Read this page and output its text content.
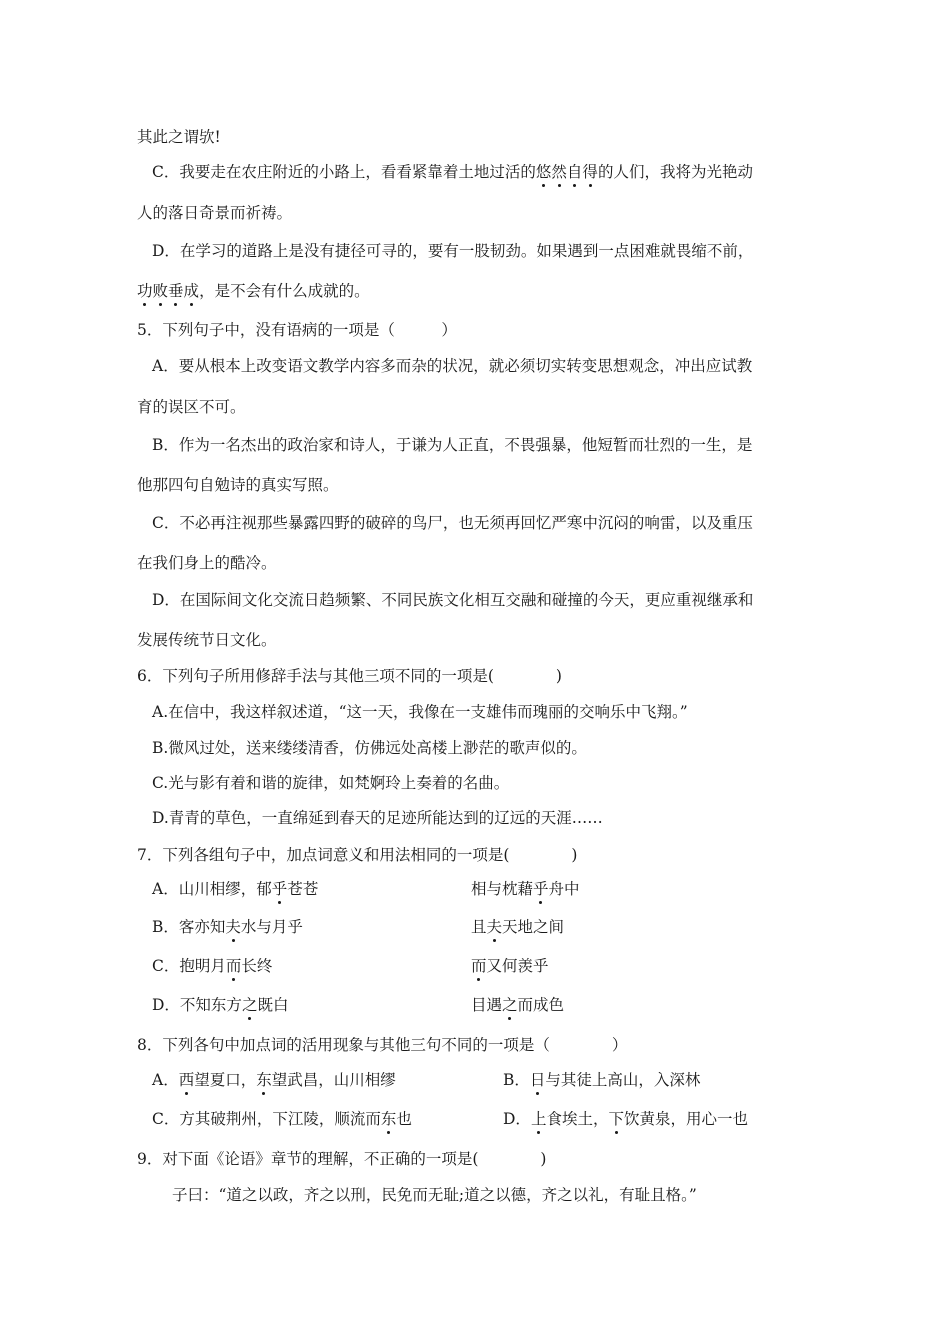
其此之谓欤!
C．我要走在农庄附近的小路上，看看紧靠着土地过活的悠然自得的人们，我将为光艳动
人的落日奇景而祈祷。
D．在学习的道路上是没有捷径可寻的，要有一股韧劲。如果遇到一点困难就畏缩不前，
功败垂成，是不会有什么成就的。
5．下列句子中，没有语病的一项是（　　　）
A．要从根本上改变语文教学内容多而杂的状况，就必须切实转变思想观念，冲出应试教
育的误区不可。
B．作为一名杰出的政治家和诗人，于谦为人正直，不畏强暴，他短暂而壮烈的一生，是
他那四句自勉诗的真实写照。
C．不必再注视那些暴露四野的破碎的鸟尸，也无须再回忆严寒中沉闷的响雷，以及重压
在我们身上的酷冷。
D．在国际间文化交流日趋频繁、不同民族文化相互交融和碰撞的今天，更应重视继承和
发展传统节日文化。
6．下列句子所用修辞手法与其他三项不同的一项是(　　　　)
A.在信中，我这样叙述道，“这一天，我像在一支雄伟而瑰丽的交响乐中飞翔。”
B.微风过处，送来缕缕清香，仿佛远处高楼上渺茫的歌声似的。
C.光与影有着和谐的旋律，如梵婀玲上奏着的名曲。
D.青青的草色，一直绵延到春天的足迹所能达到的辽远的天涯……
7．下列各组句子中，加点词意义和用法相同的一项是(　　　　)
A．山川相缪，郁乎苍苍	相与枕藉乎舟中
B．客亦知夫水与月乎	且夫天地之间
C．抱明月而长终	而又何羡乎
D．不知东方之既白	目遇之而成色
8．下列各句中加点词的活用现象与其他三句不同的一项是（　　　　）
A．西望夏口，东望武昌，山川相缪	B．日与其徒上高山，入深林
C．方其破荆州，下江陵，顺流而东也	D．上食埃土，下饮黄泉，用心一也
9．对下面《论语》章节的理解，不正确的一项是(　　　　)
子曰：“道之以政，齐之以刑，民免而无耻;道之以德，齐之以礼，有耻且格。”
